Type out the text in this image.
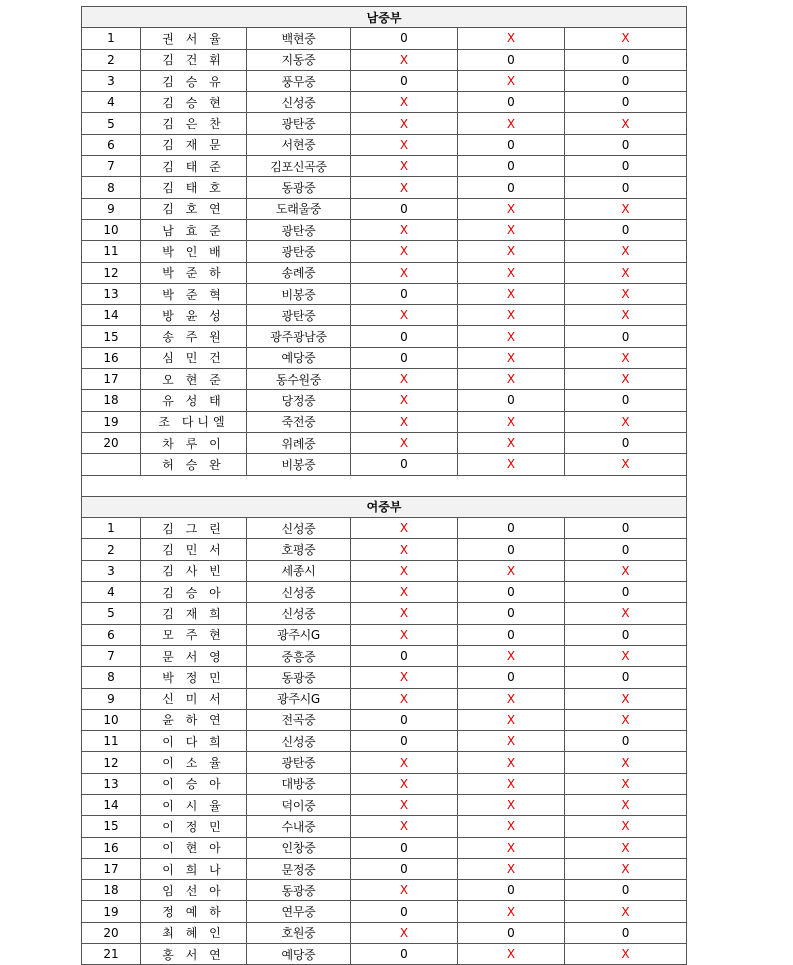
남중부					
1	권 서 율	백현중	0	X	X
2	김 건 휘	지동중	X	0	0
3	김 승 유	풍무중	0	X	0
4	김 승 현	신성중	X	0	0
5	김 은 찬	광탄중	X	X	X
6	김 재 문	서현중	X	0	0
7	김 태 준	김포신곡중	X	0	0
8	김 태 호	동광중	X	0	0
9	김 호 연	도래울중	0	X	X
10	남 효 준	광탄중	X	X	0
11	박 인 배	광탄중	X	X	X
12	박 준 하	송례중	X	X	X
13	박 준 혁	비봉중	0	X	X
14	방 윤 성	광탄중	X	X	X
15	송 주 원	광주광남중	0	X	0
16	심 민 건	예당중	0	X	X
17	오 현 준	동수원중	X	X	X
18	유 성 태	당정중	X	0	0
19	조 다니엘	죽전중	X	X	X
20	차 루 이	위례중	X	X	0
	허 승 완	비봉중	0	X	X

여중부					
1	김 그 린	신성중	X	0	0
2	김 민 서	호평중	X	0	0
3	김 사 빈	세종시	X	X	X
4	김 승 아	신성중	X	0	0
5	김 재 희	신성중	X	0	X
6	모 주 현	광주시G	X	0	0
7	문 서 영	중흥중	0	X	X
8	박 정 민	동광중	X	0	0
9	신 미 서	광주시G	X	X	X
10	윤 하 연	전곡중	0	X	X
11	이 다 희	신성중	0	X	0
12	이 소 율	광탄중	X	X	X
13	이 승 아	대방중	X	X	X
14	이 시 율	덕이중	X	X	X
15	이 정 민	수내중	X	X	X
16	이 현 아	인창중	0	X	X
17	이 희 나	문정중	0	X	X
18	임 선 아	동광중	X	0	0
19	정 예 하	연무중	0	X	X
20	최 혜 인	호원중	X	0	0
21	홍 서 연	예당중	0	X	X
